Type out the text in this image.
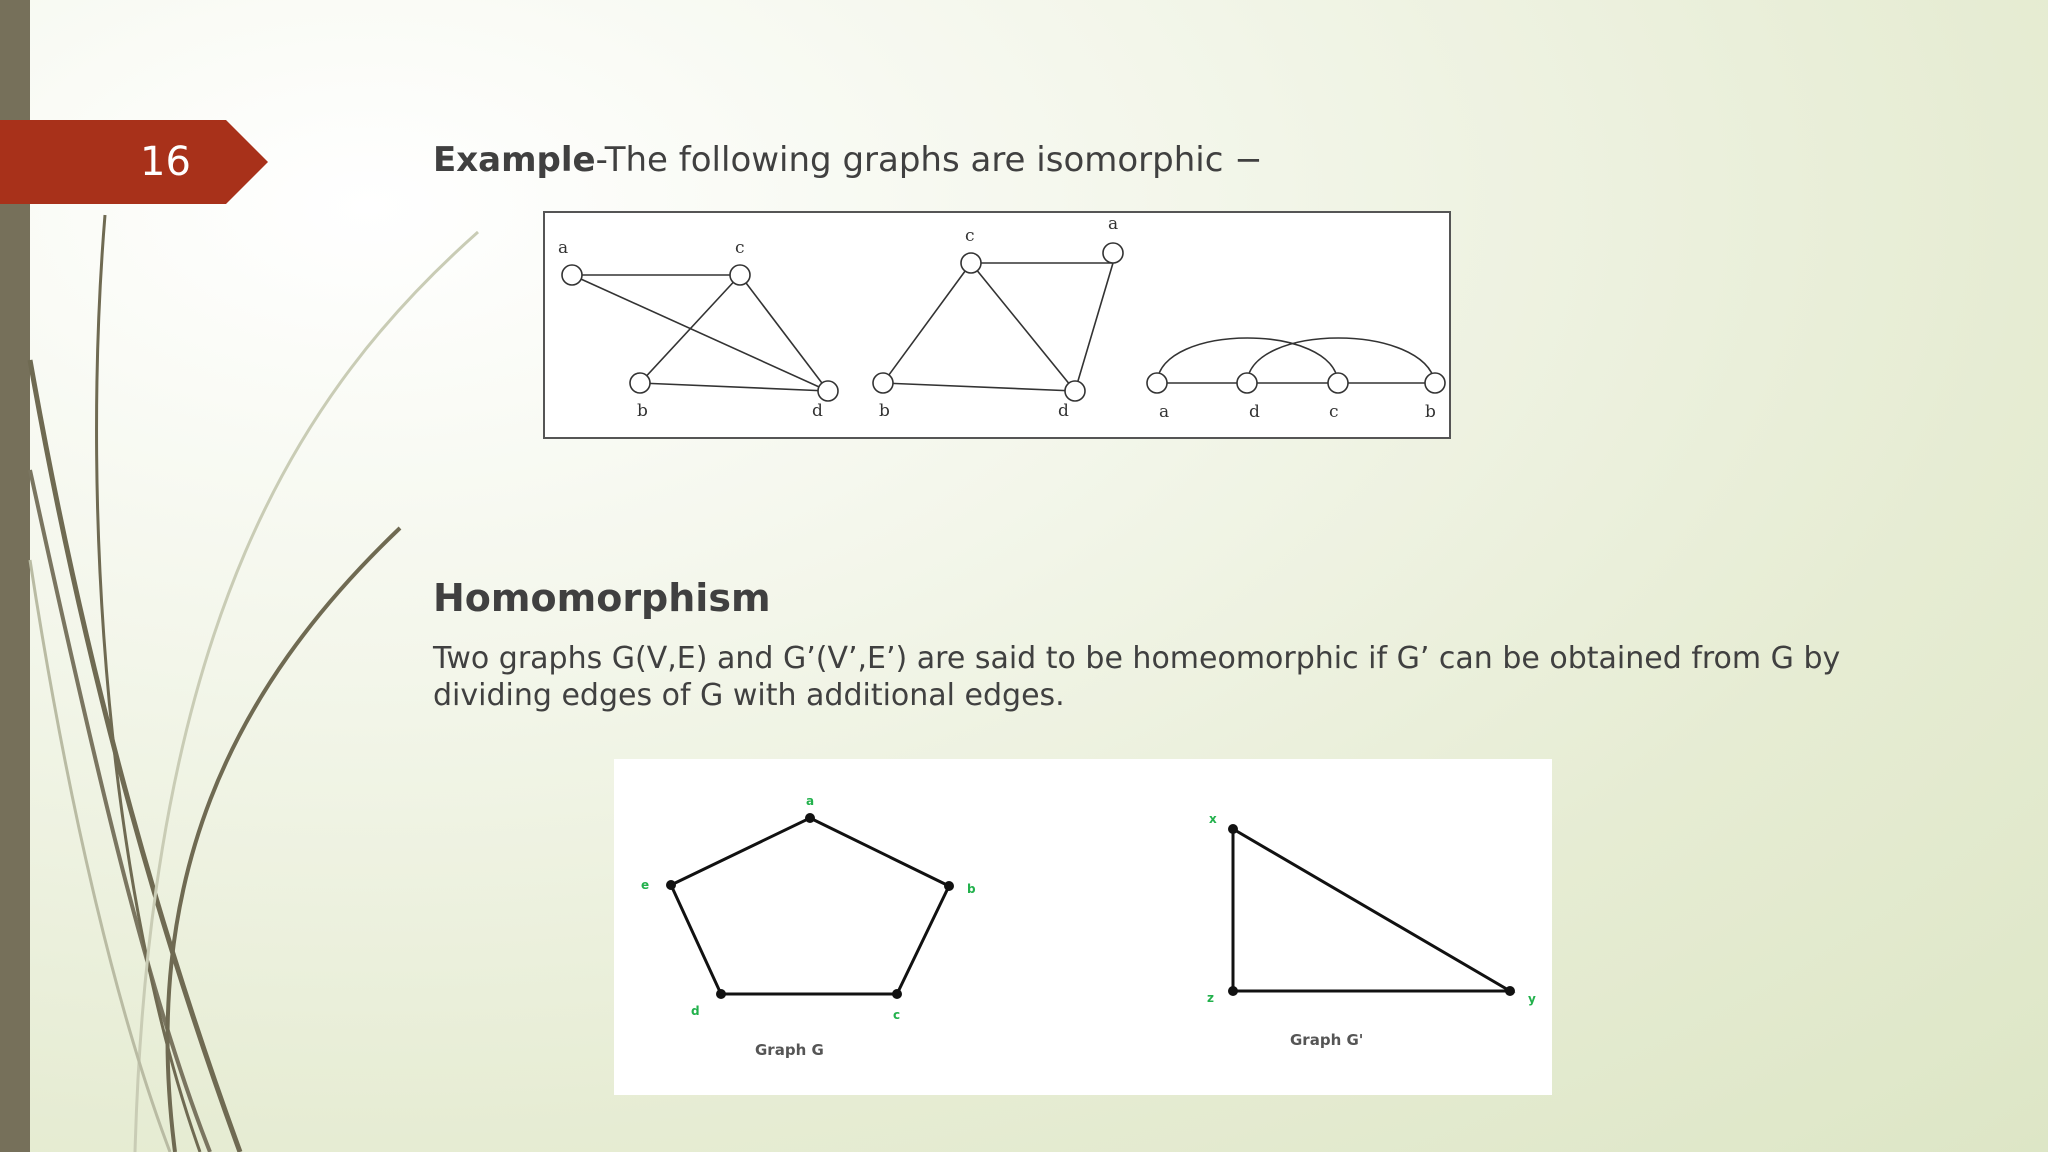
16	Example-The following graphs are isomorphic −
a	c
b	d
c
a
b	d	a	d	c	b
Homomorphism
Two graphs G(V,E) and G’(V’,E’) are said to be homeomorphic if G’ can be obtained from G by dividing edges of G with additional edges.
a
b
c
d
e
Graph G
x
y
z
Graph G'
